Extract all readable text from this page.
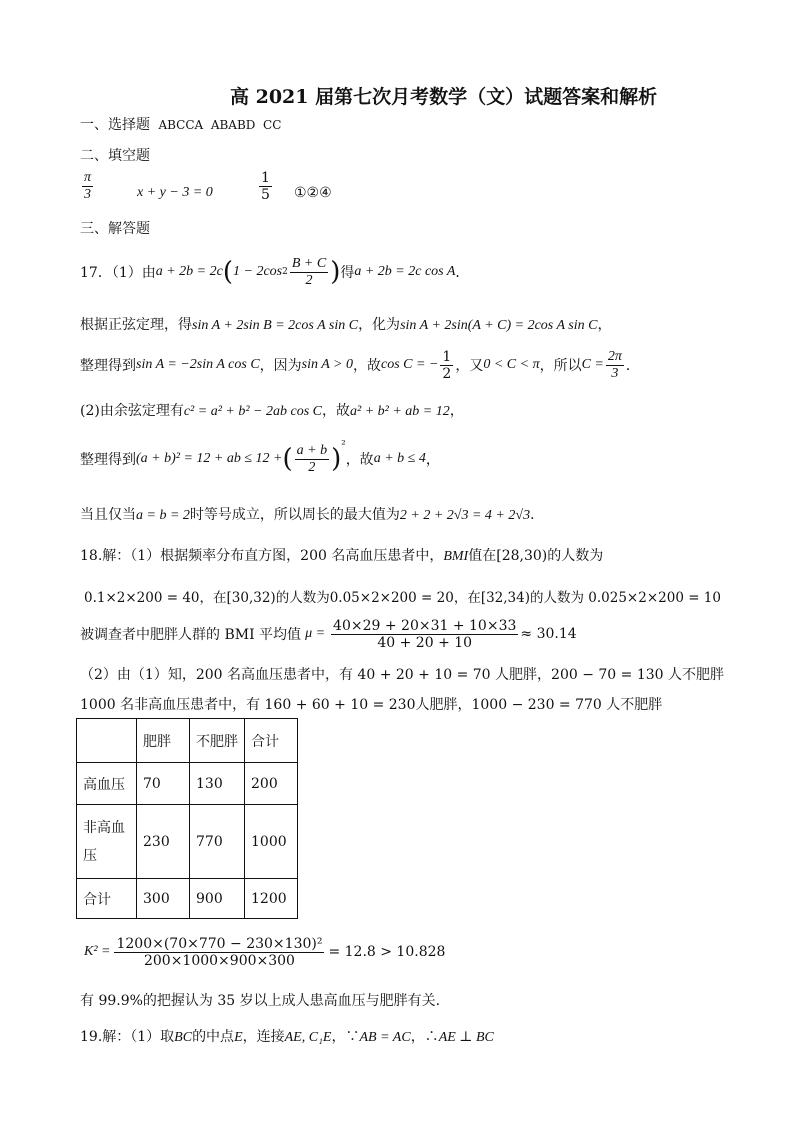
高 2021 届第七次月考数学（文）试题答案和解析
一、选择题 ABCCA  ABABD  CC
二、填空题
$\frac{\pi}{3}$	x + y − 3 = 0	$\frac{1}{5}$ ①②④
三、解答题
17．（1）由 a + 2b = 2c ( 1 − 2cos $2 \frac{B + C}{2}$ ) 得 a + 2b = 2c cos A ．
根据正弦定理，得sin A + 2sin B = 2cos A sin C，化为sin A + 2sin(A + C) = 2cos A sin C，
整理得到 sin A = −2sin A cos C ，因为 sin A > 0 ，故 cos C = − $\frac{1}{2}$ ，又 0 < C < π ，所以 $C = \frac{2\pi}{3}$ ．
(2)由余弦定理有c² = a² + b² − 2ab cos C，故a² + b² + ab = 12，
整理得到 (a + b)² = 12 + ab ≤ 12 + ( $\frac{a + b}{2}$ ) ²
，故 a + b ≤ 4 ，
当且仅当a = b = 2时等号成立，所以周长的最大值为2 + 2 + 2√3 = 4 + 2√3．
18.解：（1）根据频率分布直方图，200 名高血压患者中，BMI值在[28,30)的人数为
0.1×2×200 = 40，在[30,32)的人数为0.05×2×200 = 20，在[32,34)的人数为 0.025×2×200 = 10
被调查者中肥胖人群的 BMI 平均值 $\mu = \frac{40\times 29 + 20\times 31 + 10\times 33}{40 + 20 + 10} \approx 30.14$
（2）由（1）知，200 名高血压患者中，有 40 + 20 + 10 = 70 人肥胖，200 − 70 = 130 人不肥胖
1000 名非高血压患者中，有 160 + 60 + 10 = 230人肥胖，1000 − 230 = 770 人不肥胖
	肥胖	不肥胖	合计
高血压	70	130	200
非高血
压	230	770	1000
合计	300	900	1200
$K^2 = \frac{\text{1200×(70×770 − 230×130)²}}{200\times 1000\times 900\times 300} = 12.8 > 10.828$
有 99.9%的把握认为 35 岁以上成人患高血压与肥胖有关.
19.解：（1）取BC的中点E，连接AE, C₁E，∵AB = AC，∴AE ⊥ BC
